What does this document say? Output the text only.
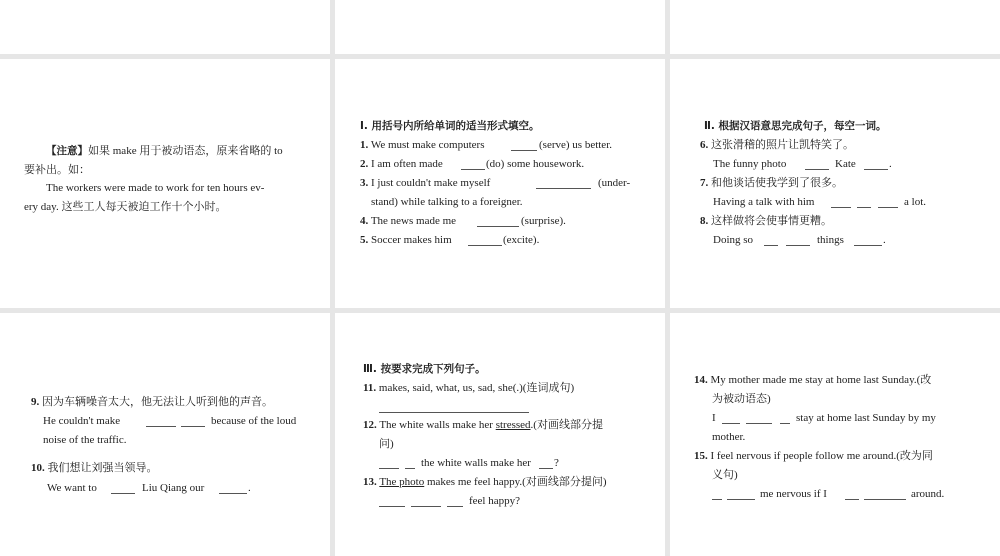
【注意】如果 make 用于被动语态，原来省略的 to
要补出。如：
The workers were made to work for ten hours ev-
ery day. 这些工人每天被迫工作十个小时。
Ⅰ. 用括号内所给单词的适当形式填空。
1. We must make computers	(serve) us better.
2. I am often made	(do) some housework.
3. I just couldn't make myself	(under-
stand) while talking to a foreigner.
4. The news made me	(surprise).
5. Soccer makes him	(excite).
Ⅱ. 根据汉语意思完成句子，每空一词。
6. 这张滑稽的照片让凯特笑了。
The funny photo	Kate	.
7. 和他谈话使我学到了很多。
Having a talk with him	a lot.
8. 这样做将会使事情更糟。
Doing so	things	.
9. 因为车辆噪音太大，他无法让人听到他的声音。
He couldn't make	because of the loud
noise of the traffic.
10. 我们想让刘强当领导。
We want to	Liu Qiang our	.
Ⅲ. 按要求完成下列句子。
11. makes, said, what, us, sad, she(.)(连词成句)
12. The white walls make her stressed.(对画线部分提
问)
the white walls make her ?
13. The photo makes me feel happy.(对画线部分提问)
feel happy?
14. My mother made me stay at home last Sunday.(改
为被动语态)
I	stay at home last Sunday by my
mother.
15. I feel nervous if people follow me around.(改为同
义句)
me nervous if I	around.
